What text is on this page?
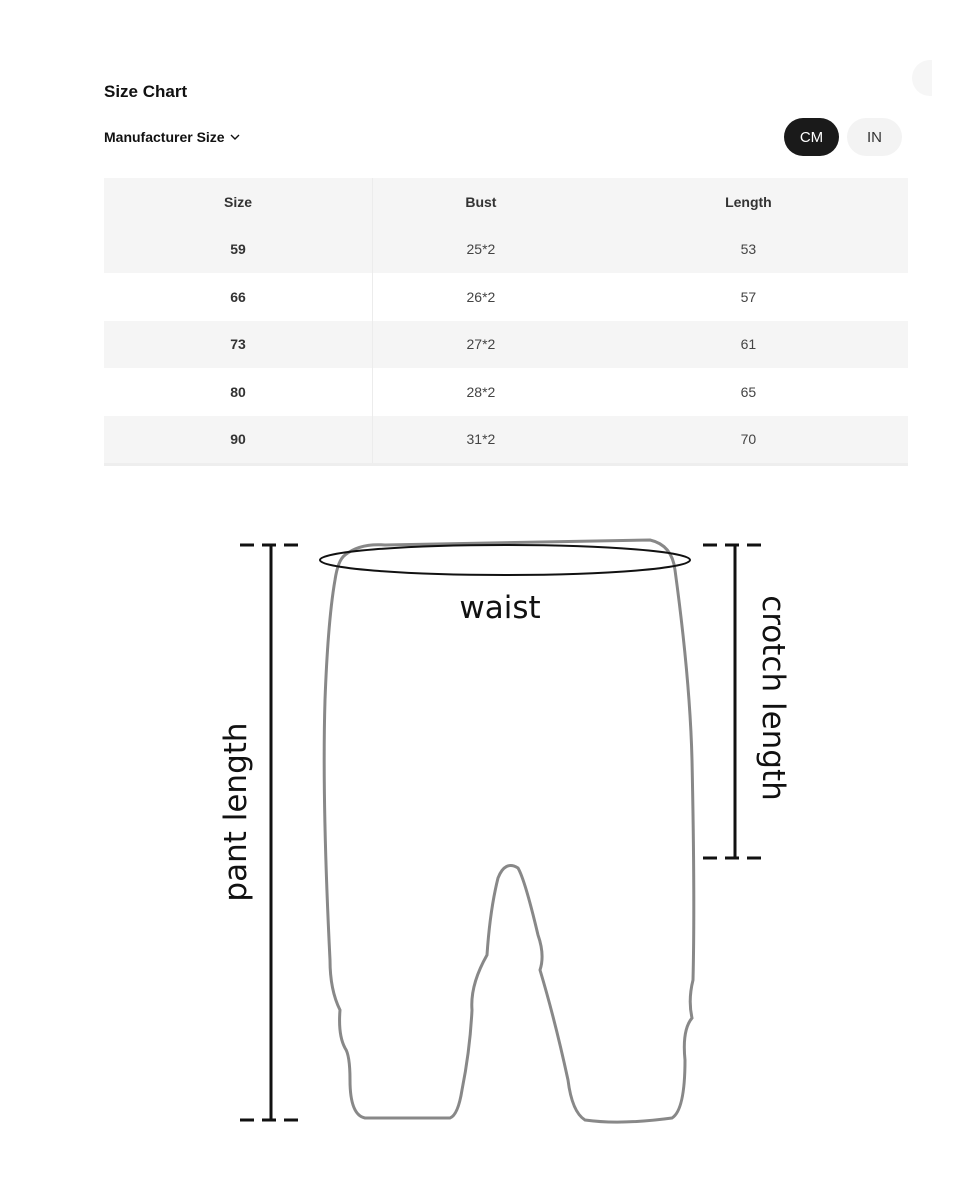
Size Chart
Manufacturer Size	CM	IN
Size	Bust	Length
59	25*2	53
66	26*2	57
73	27*2	61
80	28*2	65
90	31*2	70
waist
pant length
crotch length
